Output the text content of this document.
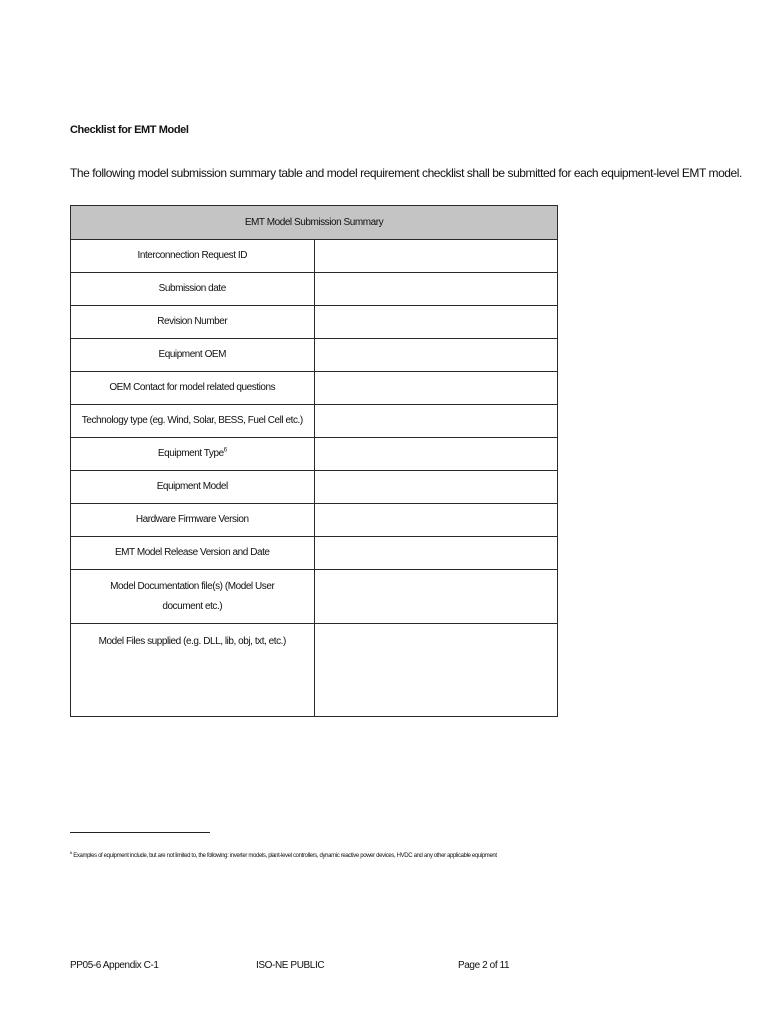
Checklist for EMT Model
The following model submission summary table and model requirement checklist shall be submitted for each equipment-level EMT model.
EMT Model Submission Summary	
Interconnection Request ID	
Submission date	
Revision Number	
Equipment OEM	
OEM Contact for model related questions	
Technology type (eg. Wind, Solar, BESS, Fuel Cell etc.)	
Equipment Type$^6$	
Equipment Model	
Hardware Firmware Version	
EMT Model Release Version and Date	
Model Documentation file(s) (Model User document etc.)	
Model Files supplied (e.g. DLL, lib, obj, txt, etc.)	
$^6$ Examples of equipment include, but are not limited to, the following: inverter models, plant-level controllers, dynamic reactive power devices, HVDC and any other applicable equipment
PP05-6 Appendix C-1	ISO-NE PUBLIC	Page 2 of 11
